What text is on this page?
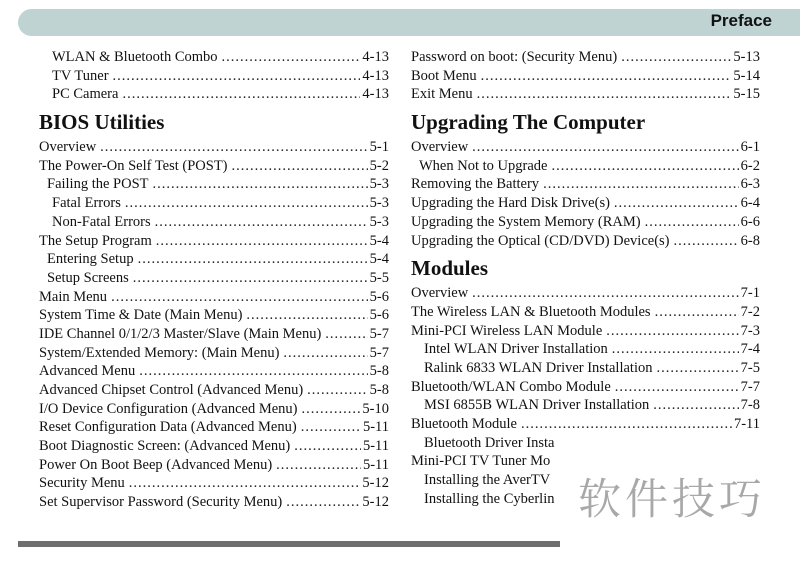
Preface
WLAN & Bluetooth Combo .....	4-13
TV Tuner .....	4-13
PC Camera .....	4-13
BIOS Utilities
Overview .....	5-1
The Power-On Self Test (POST) .....	5-2
Failing the POST .....	5-3
Fatal Errors .....	5-3
Non-Fatal Errors .....	5-3
The Setup Program .....	5-4
Entering Setup .....	5-4
Setup Screens .....	5-5
Main Menu .....	5-6
System Time & Date (Main Menu) .....	5-6
IDE Channel 0/1/2/3 Master/Slave (Main Menu) .....	5-7
System/Extended Memory: (Main Menu) .....	5-7
Advanced Menu .....	5-8
Advanced Chipset Control (Advanced Menu) .....	5-8
I/O Device Configuration (Advanced Menu) .....	5-10
Reset Configuration Data (Advanced Menu) .....	5-11
Boot Diagnostic Screen: (Advanced Menu) .....	5-11
Power On Boot Beep (Advanced Menu) .....	5-11
Security Menu .....	5-12
Set Supervisor Password (Security Menu) .....	5-12
Password on boot: (Security Menu) .....	5-13
Boot Menu .....	5-14
Exit Menu .....	5-15
Upgrading The Computer
Overview .....	6-1
When Not to Upgrade .....	6-2
Removing the Battery .....	6-3
Upgrading the Hard Disk Drive(s) .....	6-4
Upgrading the System Memory (RAM) .....	6-6
Upgrading the Optical (CD/DVD) Device(s) .....	6-8
Modules
Overview .....	7-1
The Wireless LAN & Bluetooth Modules .....	7-2
Mini-PCI Wireless LAN Module .....	7-3
Intel WLAN Driver Installation .....	7-4
Ralink 6833 WLAN Driver Installation .....	7-5
Bluetooth/WLAN Combo Module .....	7-7
MSI 6855B WLAN Driver Installation .....	7-8
Bluetooth Module .....	7-11
Bluetooth Driver Insta
Mini-PCI TV Tuner Mo
Installing the AverTV
Installing the Cyberlin 软件技巧
